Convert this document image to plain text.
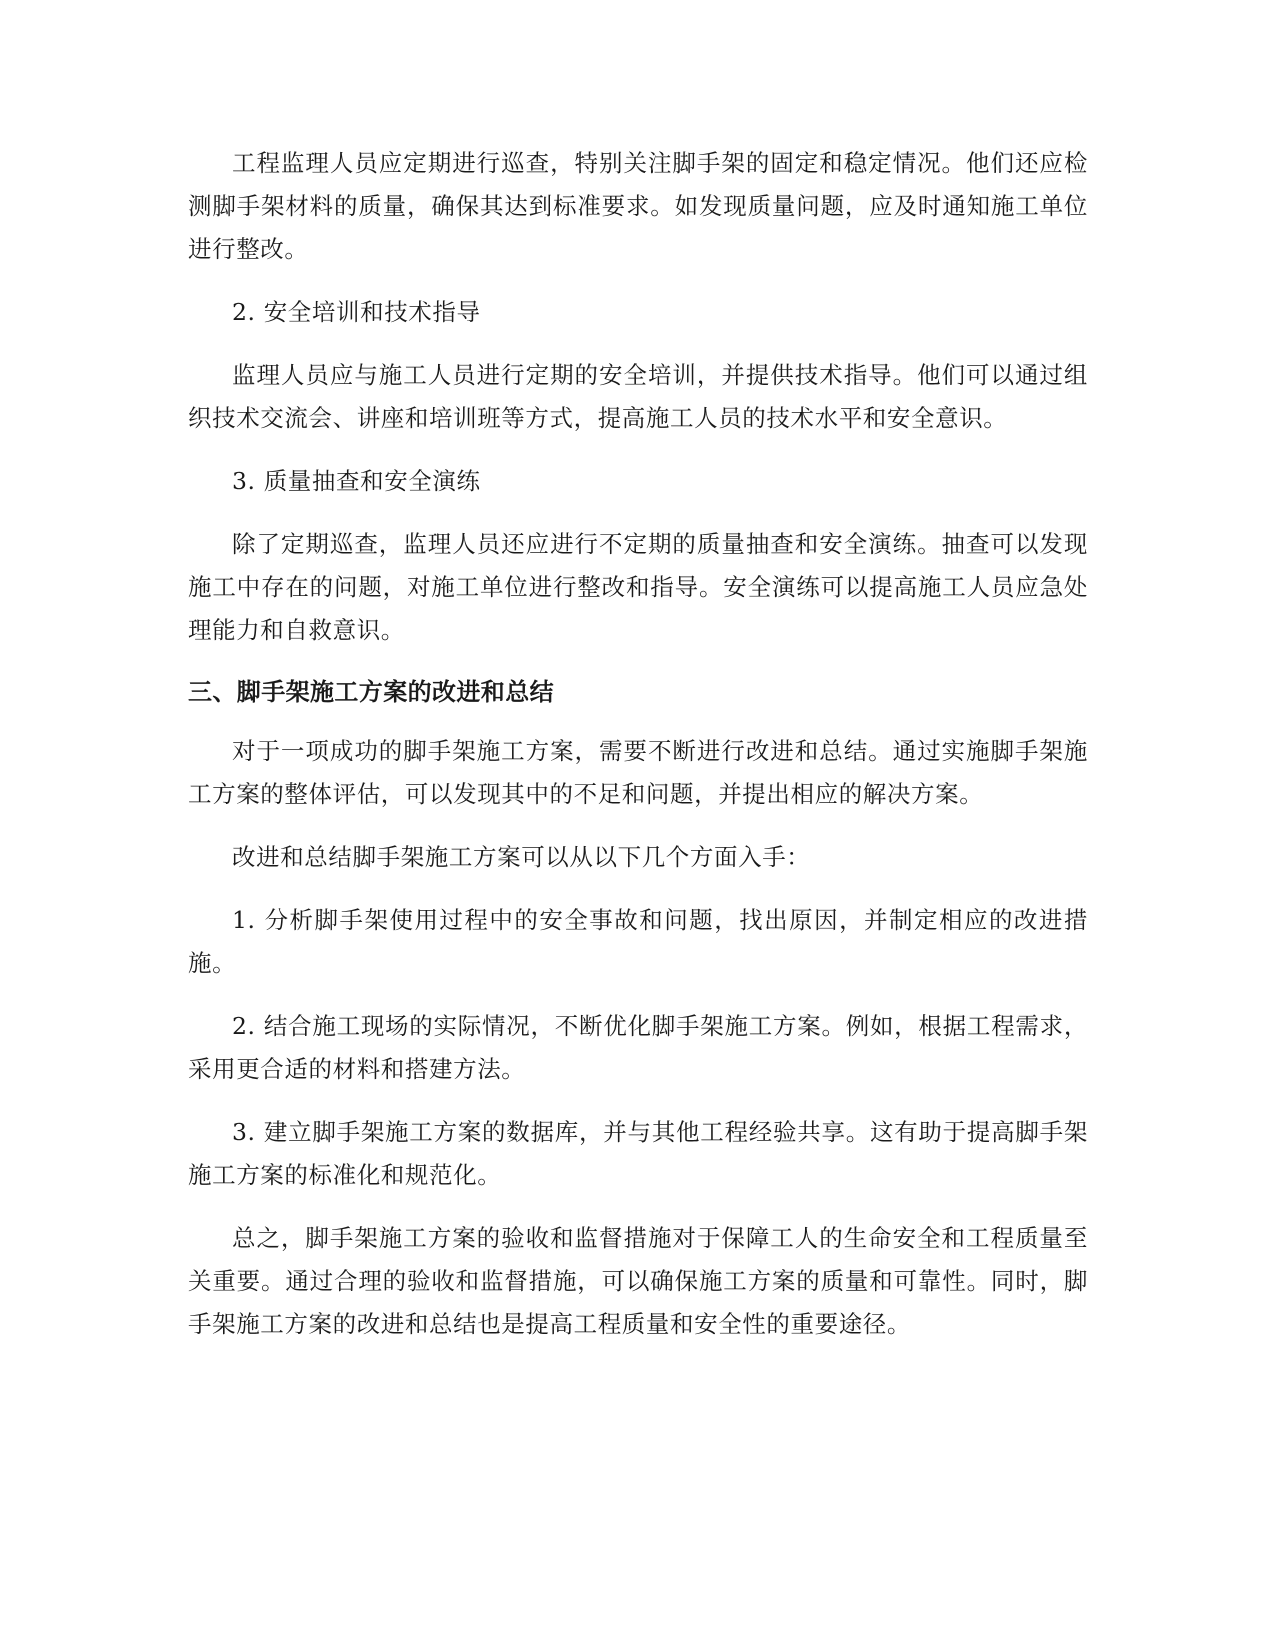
工程监理人员应定期进行巡查，特别关注脚手架的固定和稳定情况。他们还应检测脚手架材料的质量，确保其达到标准要求。如发现质量问题，应及时通知施工单位进行整改。

2. 安全培训和技术指导

监理人员应与施工人员进行定期的安全培训，并提供技术指导。他们可以通过组织技术交流会、讲座和培训班等方式，提高施工人员的技术水平和安全意识。

3. 质量抽查和安全演练

除了定期巡查，监理人员还应进行不定期的质量抽查和安全演练。抽查可以发现施工中存在的问题，对施工单位进行整改和指导。安全演练可以提高施工人员应急处理能力和自救意识。

三、脚手架施工方案的改进和总结

对于一项成功的脚手架施工方案，需要不断进行改进和总结。通过实施脚手架施工方案的整体评估，可以发现其中的不足和问题，并提出相应的解决方案。

改进和总结脚手架施工方案可以从以下几个方面入手：

1. 分析脚手架使用过程中的安全事故和问题，找出原因，并制定相应的改进措施。

2. 结合施工现场的实际情况，不断优化脚手架施工方案。例如，根据工程需求，采用更合适的材料和搭建方法。

3. 建立脚手架施工方案的数据库，并与其他工程经验共享。这有助于提高脚手架施工方案的标准化和规范化。

总之，脚手架施工方案的验收和监督措施对于保障工人的生命安全和工程质量至关重要。通过合理的验收和监督措施，可以确保施工方案的质量和可靠性。同时，脚手架施工方案的改进和总结也是提高工程质量和安全性的重要途径。
